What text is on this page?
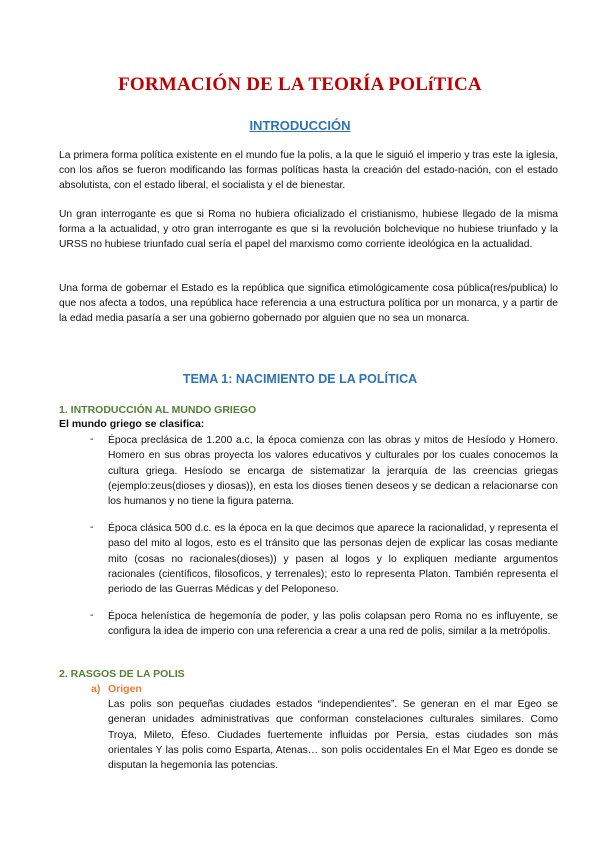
FORMACIÓN DE LA TEORÍA POLíTICA
INTRODUCCIÓN
La primera forma política existente en el mundo fue la polis, a la que le siguió el imperio y tras este la iglesia, con los años se fueron modificando las formas políticas hasta la creación del estado-nación, con el estado absolutista, con el estado liberal, el socialista y el de bienestar.
Un gran interrogante es que si Roma no hubiera oficializado el cristianismo, hubiese llegado de la misma forma a la actualidad, y otro gran interrogante es que si la revolución bolchevique no hubiese triunfado y la URSS no hubiese triunfado cual sería el papel del marxismo como corriente ideológica en la actualidad.
Una forma de gobernar el Estado es la república que significa etimológicamente cosa pública(res/publica) lo que nos afecta a todos, una república hace referencia a una estructura política por un monarca, y a partir de la edad media pasaría a ser una gobierno gobernado por alguien que no sea un monarca.
TEMA 1: NACIMIENTO DE LA POLÍTICA
1. INTRODUCCIÓN AL MUNDO GRIEGO
El mundo griego se clasifica:
- Época preclásica de 1.200 a.c, la época comienza con las obras y mitos de Hesíodo y Homero. Homero en sus obras proyecta los valores educativos y culturales por los cuales conocemos la cultura griega. Hesíodo se encarga de sistematizar la jerarquía de las creencias griegas (ejemplo:zeus(dioses y diosas)), en esta los dioses tienen deseos y se dedican a relacionarse con los humanos y no tiene la figura paterna.
- Época clásica 500 d.c. es la época en la que decimos que aparece la racionalidad, y representa el paso del mito al logos, esto es el tránsito que las personas dejen de explicar las cosas mediante mito (cosas no racionales(dioses)) y pasen al logos y lo expliquen mediante argumentos racionales (científicos, filosoficos, y terrenales); esto lo representa Platon. También representa el periodo de las Guerras Médicas y del Peloponeso.
- Época helenística de hegemonía de poder, y las polis colapsan pero Roma no es influyente, se configura la idea de imperio con una referencia a crear a una red de polis, similar a la metrópolis.
2. RASGOS DE LA POLIS
a) Origen
Las polis son pequeñas ciudades estados “independientes”. Se generan en el mar Egeo se generan unidades administrativas que conforman constelaciones culturales similares. Como Troya, Mileto, Éfeso. Ciudades fuertemente influidas por Persia, estas ciudades son más orientales Y las polis como Esparta, Atenas… son polis occidentales En el Mar Egeo es donde se disputan la hegemonía las potencias.
